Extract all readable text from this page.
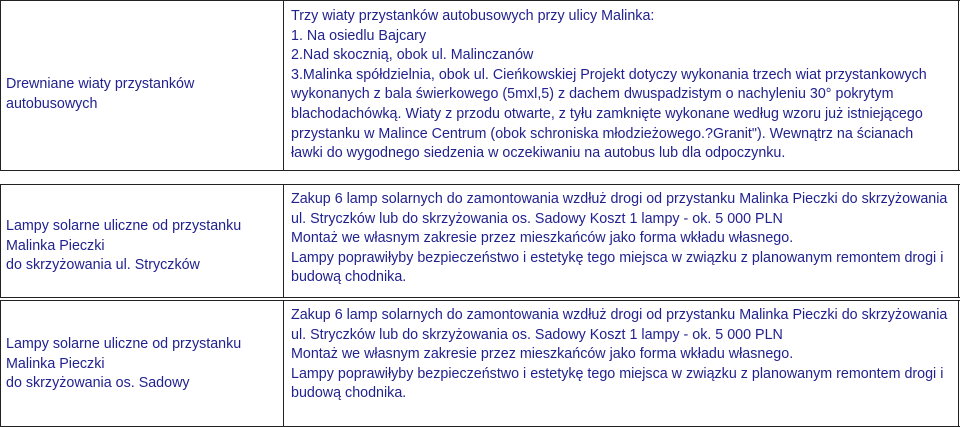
Drewniane wiaty przystanków
autobusowych
Trzy wiaty przystanków autobusowych przy ulicy Malinka:
1. Na osiedlu Bajcary
2.Nad skocznią, obok ul. Malinczanów
3.Malinka spółdzielnia, obok ul. Cieńkowskiej Projekt dotyczy wykonania trzech wiat przystankowych
wykonanych z bala świerkowego (5mxl,5) z dachem dwuspadzistym o nachyleniu 30° pokrytym
blachodachówką. Wiaty z przodu otwarte, z tyłu zamknięte wykonane według wzoru już istniejącego
przystanku w Malince Centrum (obok schroniska młodzieżowego.?Granit"). Wewnątrz na ścianach
ławki do wygodnego siedzenia w oczekiwaniu na autobus lub dla odpoczynku.
Lampy solarne uliczne od przystanku
Malinka Pieczki
do skrzyżowania ul. Stryczków
Zakup 6 lamp solarnych do zamontowania wzdłuż drogi od przystanku Malinka Pieczki do skrzyżowania
ul. Stryczków lub do skrzyżowania os. Sadowy Koszt 1 lampy - ok. 5 000 PLN
Montaż we własnym zakresie przez mieszkańców jako forma wkładu własnego.
Lampy poprawiłyby bezpieczeństwo i estetykę tego miejsca w związku z planowanym remontem drogi i
budową chodnika.
Lampy solarne uliczne od przystanku
Malinka Pieczki
do skrzyżowania os. Sadowy
Zakup 6 lamp solarnych do zamontowania wzdłuż drogi od przystanku Malinka Pieczki do skrzyżowania
ul. Stryczków lub do skrzyżowania os. Sadowy Koszt 1 lampy - ok. 5 000 PLN
Montaż we własnym zakresie przez mieszkańców jako forma wkładu własnego.
Lampy poprawiłyby bezpieczeństwo i estetykę tego miejsca w związku z planowanym remontem drogi i
budową chodnika.
